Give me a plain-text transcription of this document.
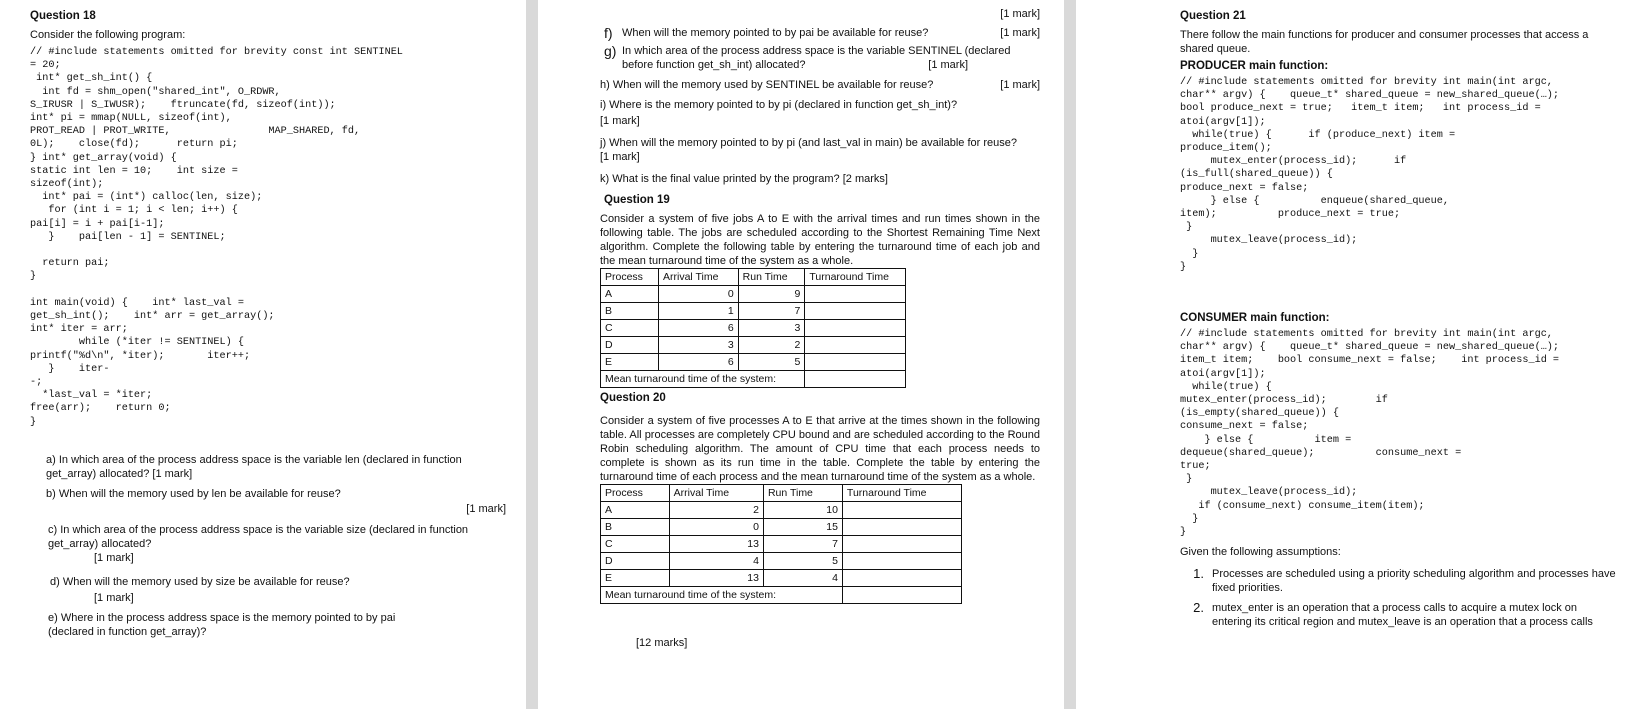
Question 18
Consider the following program:
// #include statements omitted for brevity const int SENTINEL
= 20;
int* get_sh_int() {
int fd = shm_open("shared_int", O_RDWR,
S_IRUSR | S_IWUSR);    ftruncate(fd, sizeof(int));
int* pi = mmap(NULL, sizeof(int),
PROT_READ | PROT_WRITE,                MAP_SHARED, fd,
0L);    close(fd);      return pi;
} int* get_array(void) {
static int len = 10;    int size =
sizeof(int);
int* pai = (int*) calloc(len, size);
for (int i = 1; i < len; i++) {
pai[i] = i + pai[i-1];
}    pai[len - 1] = SENTINEL;

return pai;
}

int main(void) {    int* last_val =
get_sh_int();    int* arr = get_array();
int* iter = arr;
while (*iter != SENTINEL) {
printf("%d\n", *iter);       iter++;
}    iter-
-;
*last_val = *iter;
free(arr);    return 0;
}
a) In which area of the process address space is the variable len (declared in function get_array) allocated? [1 mark]
b) When will the memory used by len be available for reuse?
[1 mark]
c) In which area of the process address space is the variable size (declared in function get_array) allocated?
[1 mark]
d) When will the memory used by size be available for reuse?
[1 mark]
e) Where in the process address space is the memory pointed to by pai (declared in function get_array)?
[1 mark]
f) When will the memory pointed to by pai be available for reuse?	[1 mark]
g) In which area of the process address space is the variable SENTINEL (declared before function get_sh_int) allocated?	[1 mark]
h) When will the memory used by SENTINEL be available for reuse?	[1 mark]
i) Where is the memory pointed to by pi (declared in function get_sh_int)?
[1 mark]
j) When will the memory pointed to by pi (and last_val in main) be available for reuse?
[1 mark]
k) What is the final value printed by the program? [2 marks]
Question 19
Consider a system of five jobs A to E with the arrival times and run times shown in the following table. The jobs are scheduled according to the Shortest Remaining Time Next algorithm. Complete the following table by entering the turnaround time of each job and the mean turnaround time of the system as a whole.
Process	Arrival Time	Run Time	Turnaround Time
A	0	9	
B	1	7	
C	6	3	
D	3	2	
E	6	5	
Mean turnaround time of the system:			
Question 20
Consider a system of five processes A to E that arrive at the times shown in the following table. All processes are completely CPU bound and are scheduled according to the Round Robin scheduling algorithm. The amount of CPU time that each process needs to complete is shown as its run time in the table. Complete the table by entering the turnaround time of each process and the mean turnaround time of the system as a whole.
Process	Arrival Time	Run Time	Turnaround Time
A	2	10	
B	0	15	
C	13	7	
D	4	5	
E	13	4	
Mean turnaround time of the system:			
[12 marks]
Question 21
There follow the main functions for producer and consumer processes that access a shared queue.
PRODUCER main function:
// #include statements omitted for brevity int main(int argc,
char** argv) {    queue_t* shared_queue = new_shared_queue(…);
bool produce_next = true;   item_t item;   int process_id =
atoi(argv[1]);
while(true) {      if (produce_next) item =
produce_item();
mutex_enter(process_id);      if
(is_full(shared_queue)) {
produce_next = false;
} else {          enqueue(shared_queue,
item);          produce_next = true;
}
mutex_leave(process_id);
}
}
CONSUMER main function:
// #include statements omitted for brevity int main(int argc,
char** argv) {    queue_t* shared_queue = new_shared_queue(…);
item_t item;    bool consume_next = false;    int process_id =
atoi(argv[1]);
while(true) {
mutex_enter(process_id);        if
(is_empty(shared_queue)) {
consume_next = false;
} else {          item =
dequeue(shared_queue);          consume_next =
true;
}
mutex_leave(process_id);
if (consume_next) consume_item(item);
}
}
Given the following assumptions:
1. Processes are scheduled using a priority scheduling algorithm and processes have fixed priorities.
2. mutex_enter is an operation that a process calls to acquire a mutex lock on entering its critical region and mutex_leave is an operation that a process calls
